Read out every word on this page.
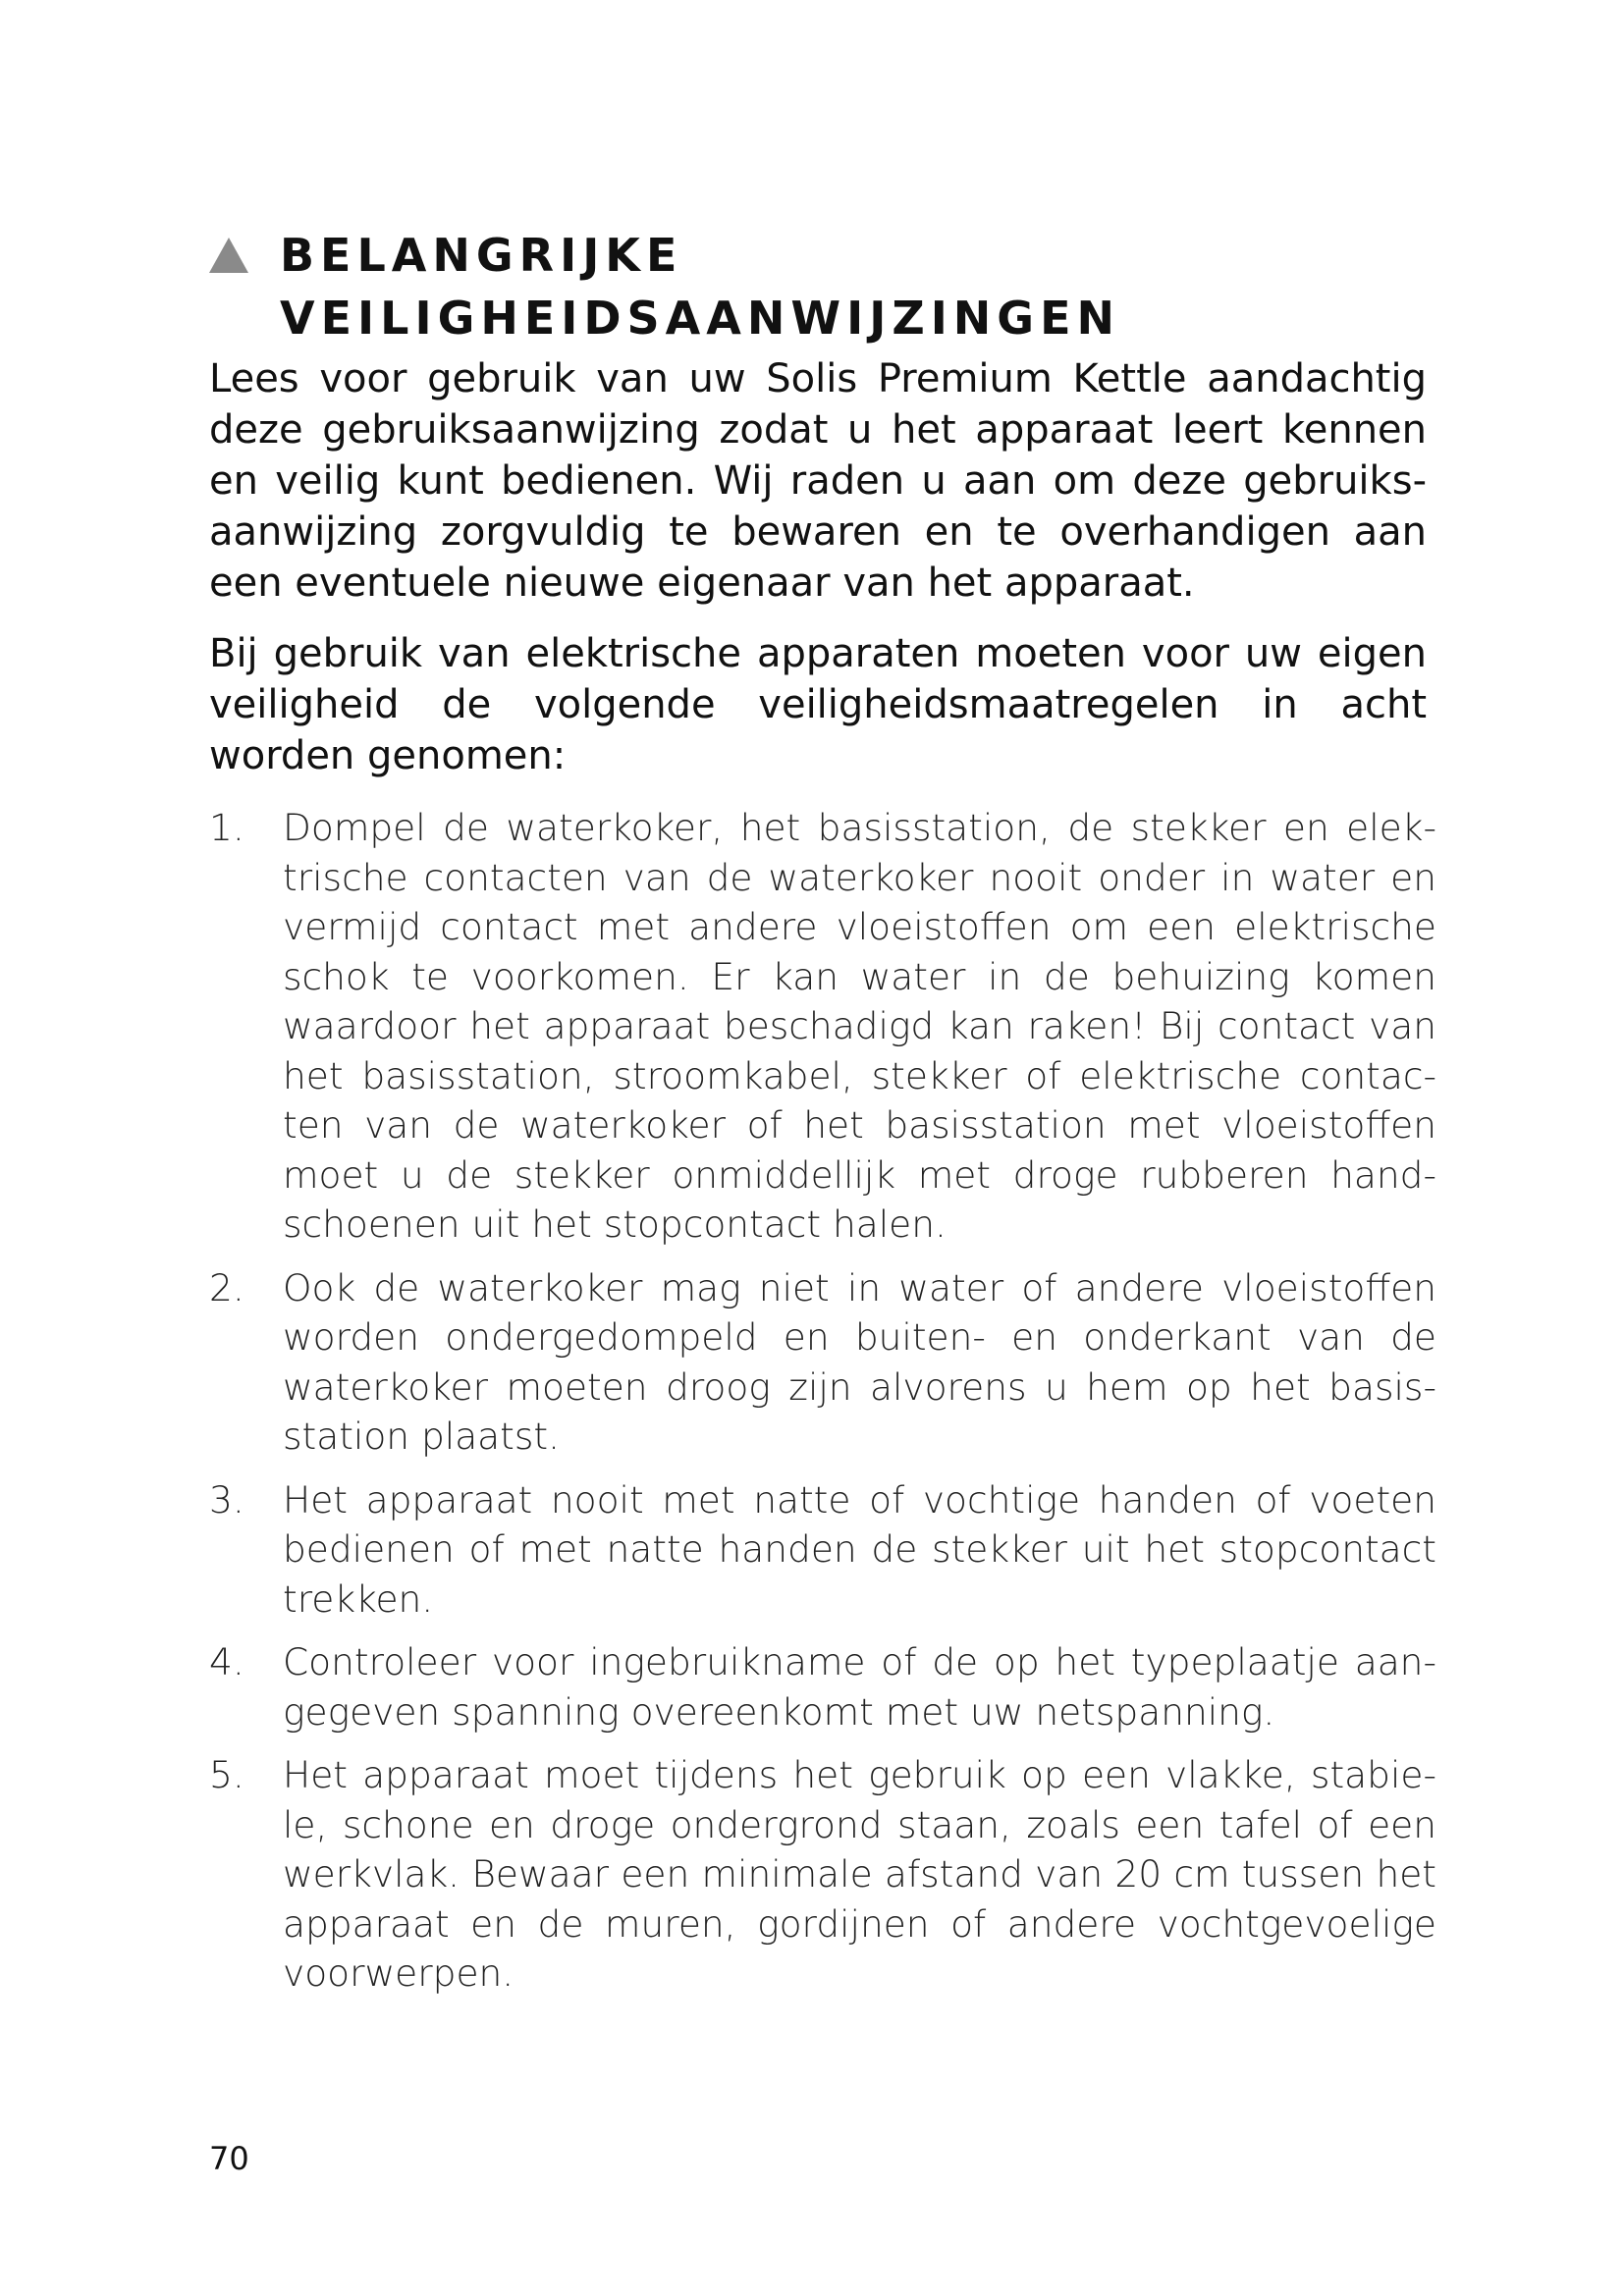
BELANGRIJKE
VEILIGHEIDSAANWIJZINGEN

Lees voor gebruik van uw Solis Premium Kettle aandachtig deze gebruiksaanwijzing zodat u het apparaat leert kennen en veilig kunt bedienen. Wij raden u aan om deze gebruiksaanwijzing zorgvuldig te bewaren en te overhandigen aan een eventuele nieuwe eigenaar van het apparaat.

Bij gebruik van elektrische apparaten moeten voor uw eigen veiligheid de volgende veiligheidsmaatregelen in acht worden genomen:

1.	Dompel de waterkoker, het basisstation, de stekker en elektrische contacten van de waterkoker nooit onder in water en vermijd contact met andere vloeistoffen om een elektrische schok te voorkomen. Er kan water in de behuizing komen waardoor het apparaat beschadigd kan raken! Bij contact van het basisstation, stroomkabel, stekker of elektrische contacten van de waterkoker of het basisstation met vloeistoffen moet u de stekker onmiddellijk met droge rubberen handschoenen uit het stopcontact halen.
2.	Ook de waterkoker mag niet in water of andere vloeistoffen worden ondergedompeld en buiten- en onderkant van de waterkoker moeten droog zijn alvorens u hem op het basisstation plaatst.
3.	Het apparaat nooit met natte of vochtige handen of voeten bedienen of met natte handen de stekker uit het stopcontact trekken.
4.	Controleer voor ingebruikname of de op het typeplaatje aangegeven spanning overeenkomt met uw netspanning.
5.	Het apparaat moet tijdens het gebruik op een vlakke, stabiele, schone en droge ondergrond staan, zoals een tafel of een werkvlak. Bewaar een minimale afstand van 20 cm tussen het apparaat en de muren, gordijnen of andere vochtgevoelige voorwerpen.
70
